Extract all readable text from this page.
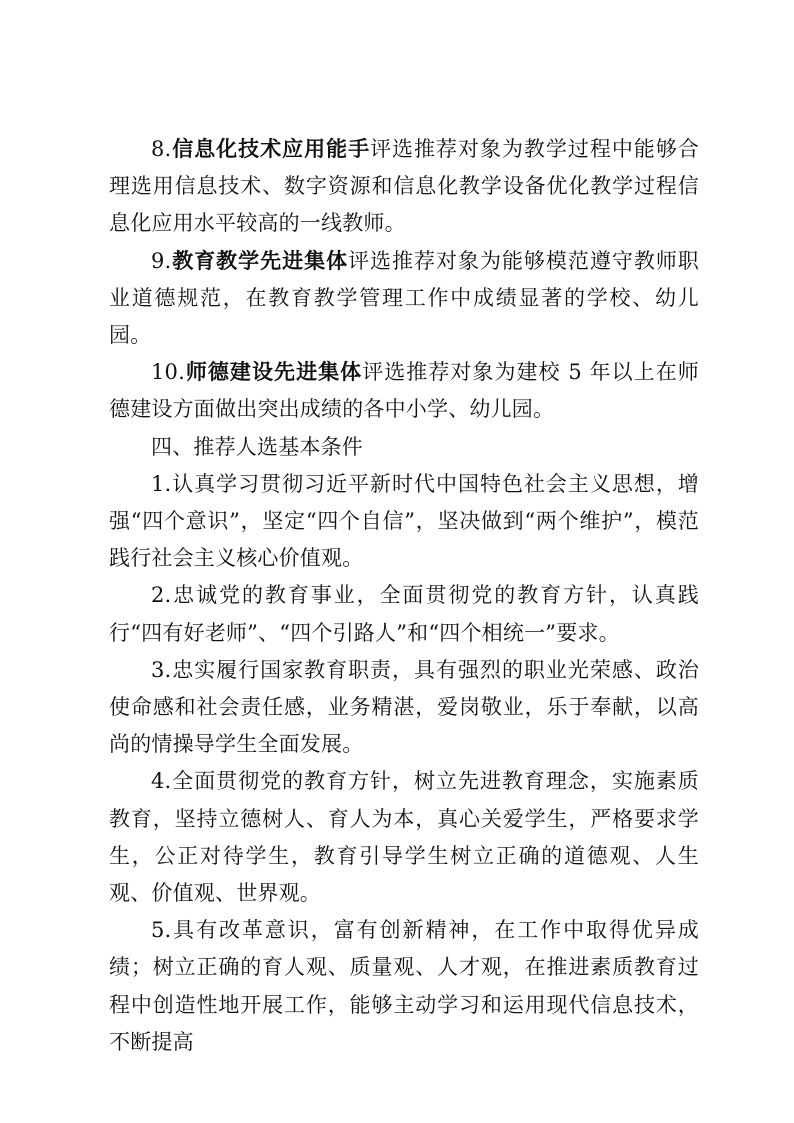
8.信息化技术应用能手评选推荐对象为教学过程中能够合理选用信息技术、数字资源和信息化教学设备优化教学过程信息化应用水平较高的一线教师。

9.教育教学先进集体评选推荐对象为能够模范遵守教师职业道德规范，在教育教学管理工作中成绩显著的学校、幼儿园。

10.师德建设先进集体评选推荐对象为建校 5 年以上在师德建设方面做出突出成绩的各中小学、幼儿园。

四、推荐人选基本条件

1.认真学习贯彻习近平新时代中国特色社会主义思想，增强“四个意识”，坚定“四个自信”，坚决做到“两个维护”，模范践行社会主义核心价值观。

2.忠诚党的教育事业，全面贯彻党的教育方针，认真践行“四有好老师”、“四个引路人”和“四个相统一”要求。

3.忠实履行国家教育职责，具有强烈的职业光荣感、政治使命感和社会责任感，业务精湛，爱岗敬业，乐于奉献，以高尚的情操导学生全面发展。

4.全面贯彻党的教育方针，树立先进教育理念，实施素质教育，坚持立德树人、育人为本，真心关爱学生，严格要求学生，公正对待学生，教育引导学生树立正确的道德观、人生观、价值观、世界观。

5.具有改革意识，富有创新精神，在工作中取得优异成绩；树立正确的育人观、质量观、人才观，在推进素质教育过程中创造性地开展工作，能够主动学习和运用现代信息技术，不断提高
